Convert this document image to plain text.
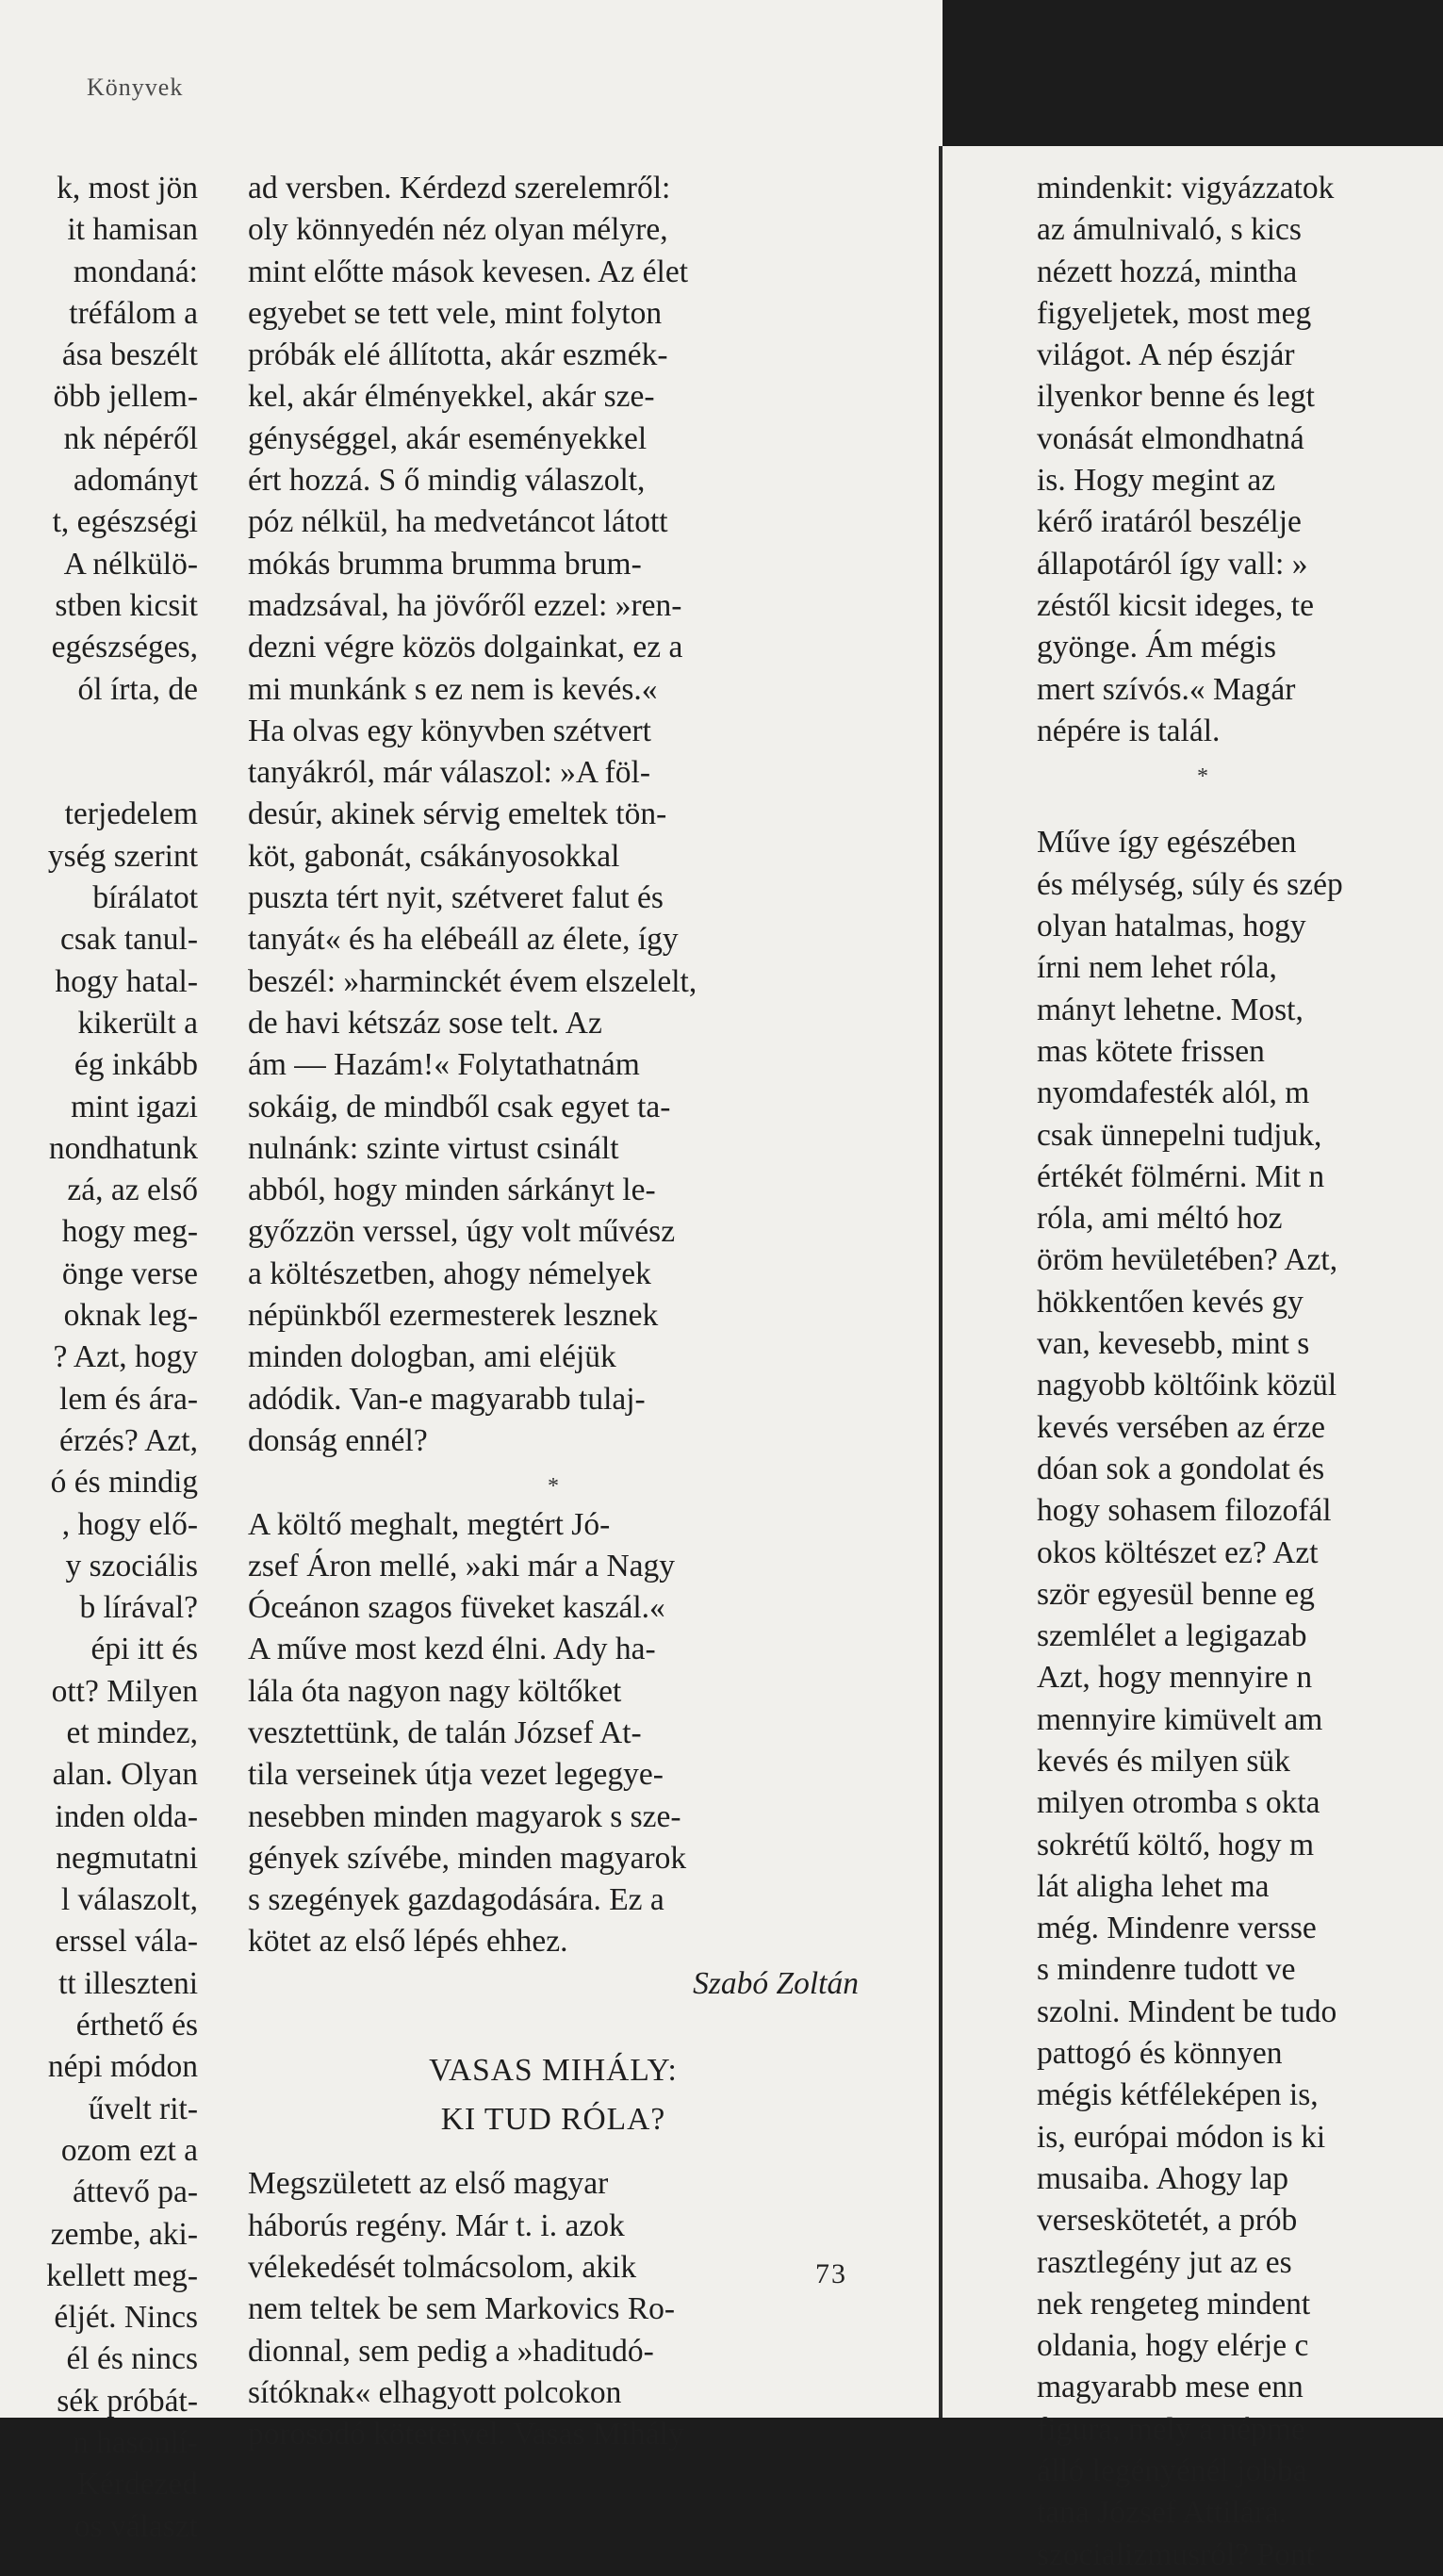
Könyvek
k, most jön
it hamisan
mondaná:
tréfálom a
ása beszélt
öbb jellem-
nk népéről
adományt
t, egészségi
A nélkülö-
stben kicsit
egészséges,
ól írta, de
terjedelem
ység szerint
bírálatot
csak tanul-
hogy hatal-
kikerült a
ég inkább
mint igazi
nondhatunk
zá, az első
hogy meg-
önge verse
oknak leg-
? Azt, hogy
lem és ára-
érzés? Azt,
ó és mindig
, hogy elő-
y szociális
b lírával?
épi itt és
ott? Milyen
et mindez,
alan. Olyan
inden olda-
negmutatni
l válaszolt,
erssel vála-
tt illeszteni
érthető és
népi módon
űvelt rit-
ozom ezt a
áttevő pa-
zembe, aki-
kellett meg-
éljét. Nincs
él és nincs
sék próbát-
n hasonlí-
Kérdezed
os választ
ad versben. Kérdezd szerelemről:
oly könnyedén néz olyan mélyre,
mint előtte mások kevesen. Az élet
egyebet se tett vele, mint folyton
próbák elé állította, akár eszmék-
kel, akár élményekkel, akár sze-
génységgel, akár eseményekkel
ért hozzá. S ő mindig válaszolt,
póz nélkül, ha medvetáncot látott
mókás brumma brumma brum-
madzsával, ha jövőről ezzel: »ren-
dezni végre közös dolgainkat, ez a
mi munkánk s ez nem is kevés.«
Ha olvas egy könyvben szétvert
tanyákról, már válaszol: »A föl-
desúr, akinek sérvig emeltek tön-
köt, gabonát, csákányosokkal
puszta tért nyit, szétveret falut és
tanyát« és ha elébeáll az élete, így
beszél: »harminckét évem elszelelt,
de havi kétszáz sose telt. Az
ám — Hazám!« Folytathatnám
sokáig, de mindből csak egyet ta-
nulnánk: szinte virtust csinált
abból, hogy minden sárkányt le-
győzzön verssel, úgy volt művész
a költészetben, ahogy némelyek
népünkből ezermesterek lesznek
minden dologban, ami eléjük
adódik. Van-e magyarabb tulaj-
donság ennél?
*
A költő meghalt, megtért Jó-
zsef Áron mellé, »aki már a Nagy
Óceánon szagos füveket kaszál.«
A műve most kezd élni. Ady ha-
lála óta nagyon nagy költőket
vesztettünk, de talán József At-
tila verseinek útja vezet legegye-
nesebben minden magyarok s sze-
gények szívébe, minden magyarok
s szegények gazdagodására. Ez a
kötet az első lépés ehhez.
Szabó Zoltán
VASAS MIHÁLY:
KI TUD RÓLA?
Megszületett az első magyar
háborús regény. Már t. i. azok
vélekedését tolmácsolom, akik
nem teltek be sem Markovics Ro-
dionnal, sem pedig a »haditudó-
sítóknak« elhagyott polcokon
porosodó köteteivel. Vasas Mihály
73
mindenkit: vigyázzatok
az ámulnivaló, s kics
nézett hozzá, mintha
figyeljetek, most meg
világot. A nép észjár
ilyenkor benne és legt
vonását elmondhatná
is. Hogy megint az
kérő iratáról beszélje
állapotáról így vall: »
zéstől kicsit ideges, te
gyönge. Ám mégis
mert szívós.« Magár
népére is talál.
*
Műve így egészében
és mélység, súly és szép
olyan hatalmas, hogy
írni nem lehet róla,
mányt lehetne. Most,
mas kötete frissen
nyomdafesték alól, m
csak ünnepelni tudjuk,
értékét fölmérni. Mit n
róla, ami méltó hoz
öröm hevületében? Azt,
hökkentően kevés gy
van, kevesebb, mint s
nagyobb költőink közül
kevés versében az érze
dóan sok a gondolat és
hogy sohasem filozofál
okos költészet ez? Azt
ször egyesül benne eg
szemlélet a legigazab
Azt, hogy mennyire n
mennyire kimüvelt am
kevés és milyen sük
milyen otromba s okta
sokrétű költő, hogy m
lát aligha lehet ma
még. Mindenre versse
s mindenre tudott ve
szolni. Mindent be tudo
pattogó és könnyen
mégis kétféleképen is,
is, európai módon is ki
musaiba. Ahogy lap
verseskötetét, a prób
rasztlegény jut az es
nek rengeteg mindent
oldania, hogy elérje c
magyarabb mese enn
figura, mely a népme
álló legényénél jobba
tana József Attilára.
szocializmusról? Pont
